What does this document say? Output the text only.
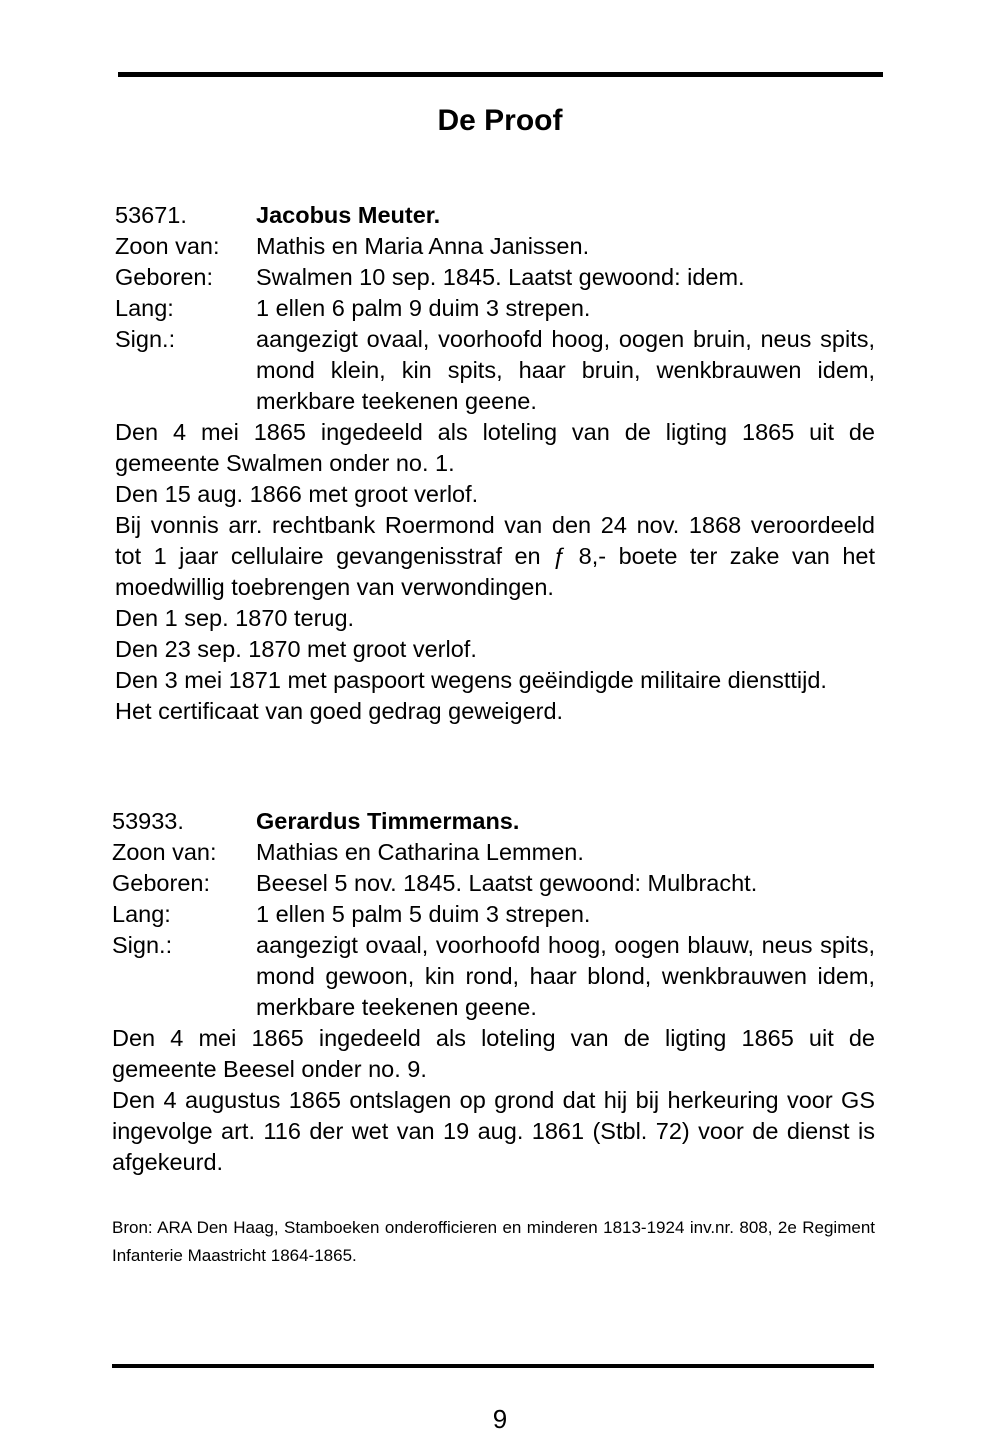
De Proof
53671.	Jacobus Meuter.
Zoon van:	Mathis en Maria Anna Janissen.
Geboren:	Swalmen 10 sep. 1845. Laatst gewoond: idem.
Lang:	1 ellen 6 palm 9 duim 3 strepen.
Sign.:	aangezigt ovaal, voorhoofd hoog, oogen bruin, neus spits, mond klein, kin spits, haar bruin, wenkbrauwen idem, merkbare teekenen geene.

Den 4 mei 1865 ingedeeld als loteling van de ligting 1865 uit de gemeente Swalmen onder no. 1.

Den 15 aug. 1866 met groot verlof.

Bij vonnis arr. rechtbank Roermond van den 24 nov. 1868 veroordeeld tot 1 jaar cellulaire gevangenisstraf en ƒ 8,- boete ter zake van het moedwillig toebrengen van verwondingen.

Den 1 sep. 1870 terug.

Den 23 sep. 1870 met groot verlof.

Den 3 mei 1871 met paspoort wegens geëindigde militaire diensttijd.

Het certificaat van goed gedrag geweigerd.

53933.	Gerardus Timmermans.
Zoon van:	Mathias en Catharina Lemmen.
Geboren:	Beesel 5 nov. 1845. Laatst gewoond: Mulbracht.
Lang:	1 ellen 5 palm 5 duim 3 strepen.
Sign.:	aangezigt ovaal, voorhoofd hoog, oogen blauw, neus spits, mond gewoon, kin rond, haar blond, wenkbrauwen idem, merkbare teekenen geene.

Den 4 mei 1865 ingedeeld als loteling van de ligting 1865 uit de gemeente Beesel onder no. 9.

Den 4 augustus 1865 ontslagen op grond dat hij bij herkeuring voor GS ingevolge art. 116 der wet van 19 aug. 1861 (Stbl. 72) voor de dienst is afgekeurd.

Bron: ARA Den Haag, Stamboeken onderofficieren en minderen 1813-1924 inv.nr. 808, 2e Regiment Infanterie Maastricht 1864-1865.
9
